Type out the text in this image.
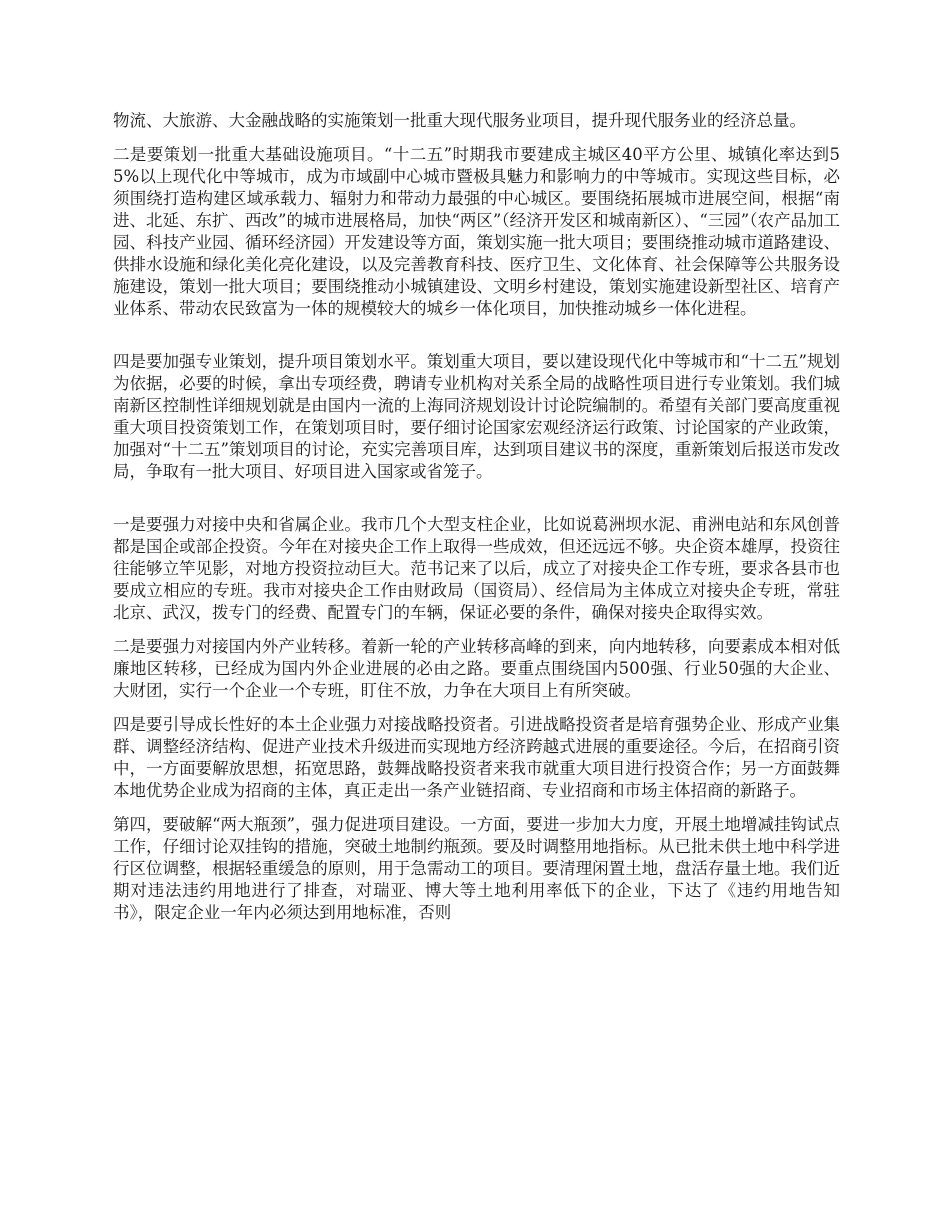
物流、大旅游、大金融战略的实施策划一批重大现代服务业项目，提升现代服务业的经济总量。

二是要策划一批重大基础设施项目。“十二五”时期我市要建成主城区40平方公里、城镇化率达到55%以上现代化中等城市，成为市域副中心城市暨极具魅力和影响力的中等城市。实现这些目标，必须围绕打造构建区域承载力、辐射力和带动力最强的中心城区。要围绕拓展城市进展空间，根据“南进、北延、东扩、西改”的城市进展格局，加快“两区”（经济开发区和城南新区）、“三园”（农产品加工园、科技产业园、循环经济园）开发建设等方面，策划实施一批大项目；要围绕推动城市道路建设、供排水设施和绿化美化亮化建设，以及完善教育科技、医疗卫生、文化体育、社会保障等公共服务设施建设，策划一批大项目；要围绕推动小城镇建设、文明乡村建设，策划实施建设新型社区、培育产业体系、带动农民致富为一体的规模较大的城乡一体化项目，加快推动城乡一体化进程。

四是要加强专业策划，提升项目策划水平。策划重大项目，要以建设现代化中等城市和“十二五”规划为依据，必要的时候，拿出专项经费，聘请专业机构对关系全局的战略性项目进行专业策划。我们城南新区控制性详细规划就是由国内一流的上海同济规划设计讨论院编制的。希望有关部门要高度重视重大项目投资策划工作，在策划项目时，要仔细讨论国家宏观经济运行政策、讨论国家的产业政策，加强对“十二五”策划项目的讨论，充实完善项目库，达到项目建议书的深度，重新策划后报送市发改局，争取有一批大项目、好项目进入国家或省笼子。

一是要强力对接中央和省属企业。我市几个大型支柱企业，比如说葛洲坝水泥、甫洲电站和东风创普都是国企或部企投资。今年在对接央企工作上取得一些成效，但还远远不够。央企资本雄厚，投资往往能够立竿见影，对地方投资拉动巨大。范书记来了以后，成立了对接央企工作专班，要求各县市也要成立相应的专班。我市对接央企工作由财政局（国资局）、经信局为主体成立对接央企专班，常驻北京、武汉，拨专门的经费、配置专门的车辆，保证必要的条件，确保对接央企取得实效。

二是要强力对接国内外产业转移。着新一轮的产业转移高峰的到来，向内地转移，向要素成本相对低廉地区转移，已经成为国内外企业进展的必由之路。要重点围绕国内500强、行业50强的大企业、大财团，实行一个企业一个专班，盯住不放，力争在大项目上有所突破。

四是要引导成长性好的本土企业强力对接战略投资者。引进战略投资者是培育强势企业、形成产业集群、调整经济结构、促进产业技术升级进而实现地方经济跨越式进展的重要途径。今后，在招商引资中，一方面要解放思想，拓宽思路，鼓舞战略投资者来我市就重大项目进行投资合作；另一方面鼓舞本地优势企业成为招商的主体，真正走出一条产业链招商、专业招商和市场主体招商的新路子。

第四，要破解“两大瓶颈”，强力促进项目建设。一方面，要进一步加大力度，开展土地增减挂钩试点工作，仔细讨论双挂钩的措施，突破土地制约瓶颈。要及时调整用地指标。从已批未供土地中科学进行区位调整，根据轻重缓急的原则，用于急需动工的项目。要清理闲置土地，盘活存量土地。我们近期对违法违约用地进行了排查，对瑞亚、博大等土地利用率低下的企业，下达了《违约用地告知书》，限定企业一年内必须达到用地标准，否则
